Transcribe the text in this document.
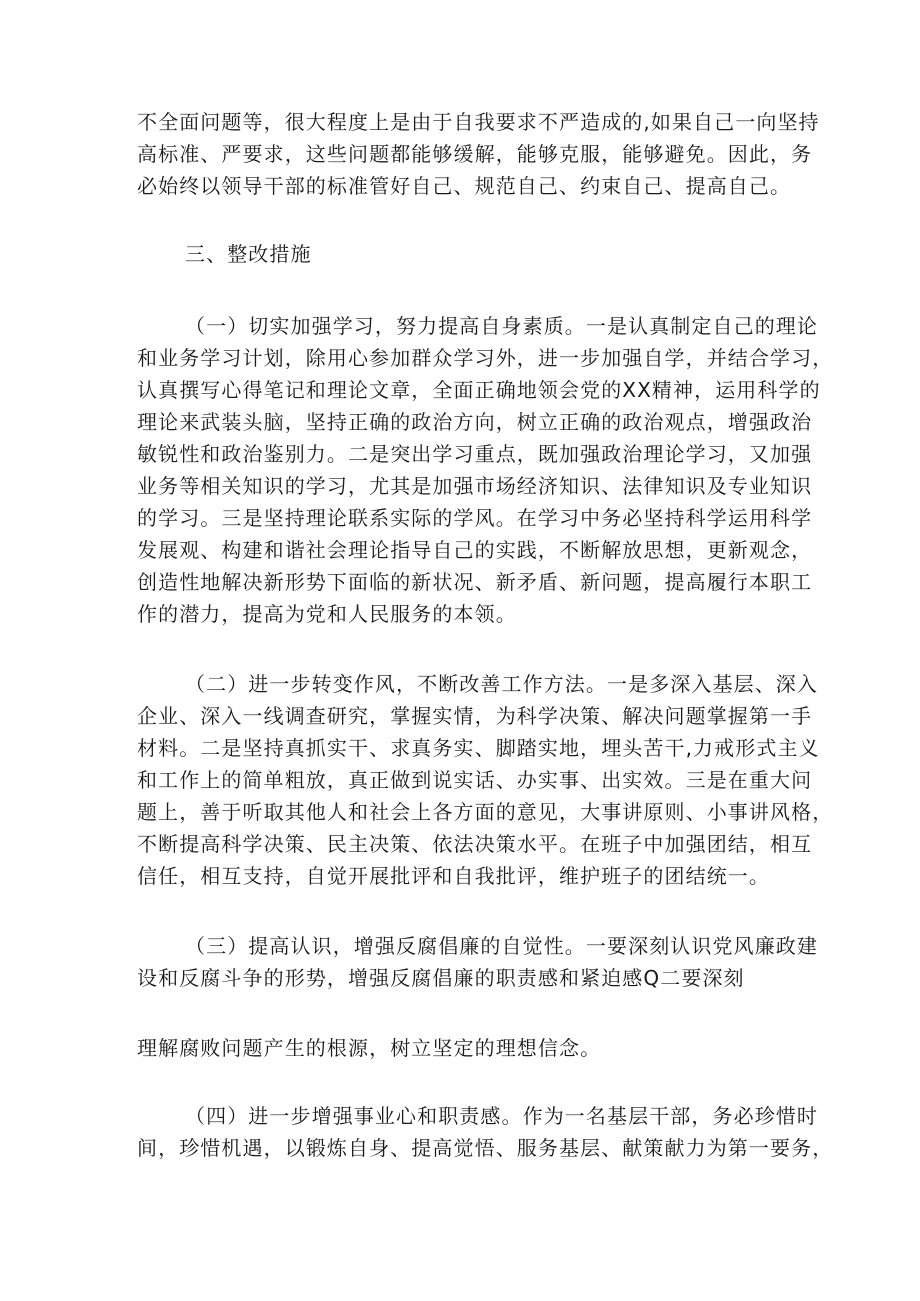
不全面问题等，很大程度上是由于自我要求不严造成的,如果自己一向坚持
高标准、严要求，这些问题都能够缓解，能够克服，能够避免。因此，务
必始终以领导干部的标准管好自己、规范自己、约束自己、提高自己。
三、整改措施
（一）切实加强学习，努力提高自身素质。一是认真制定自己的理论
和业务学习计划，除用心参加群众学习外，进一步加强自学，并结合学习，
认真撰写心得笔记和理论文章，全面正确地领会党的XX精神，运用科学的
理论来武装头脑，坚持正确的政治方向，树立正确的政治观点，增强政治
敏锐性和政治鉴别力。二是突出学习重点，既加强政治理论学习，又加强
业务等相关知识的学习，尤其是加强市场经济知识、法律知识及专业知识
的学习。三是坚持理论联系实际的学风。在学习中务必坚持科学运用科学
发展观、构建和谐社会理论指导自己的实践，不断解放思想，更新观念，
创造性地解决新形势下面临的新状况、新矛盾、新问题，提高履行本职工
作的潜力，提高为党和人民服务的本领。
（二）进一步转变作风，不断改善工作方法。一是多深入基层、深入
企业、深入一线调查研究，掌握实情，为科学决策、解决问题掌握第一手
材料。二是坚持真抓实干、求真务实、脚踏实地，埋头苦干,力戒形式主义
和工作上的简单粗放，真正做到说实话、办实事、出实效。三是在重大问
题上，善于听取其他人和社会上各方面的意见，大事讲原则、小事讲风格，
不断提高科学决策、民主决策、依法决策水平。在班子中加强团结，相互
信任，相互支持，自觉开展批评和自我批评，维护班子的团结统一。
（三）提高认识，增强反腐倡廉的自觉性。一要深刻认识党风廉政建
设和反腐斗争的形势，增强反腐倡廉的职责感和紧迫感Q二要深刻
理解腐败问题产生的根源，树立坚定的理想信念。
（四）进一步增强事业心和职责感。作为一名基层干部，务必珍惜时
间，珍惜机遇，以锻炼自身、提高觉悟、服务基层、献策献力为第一要务，
